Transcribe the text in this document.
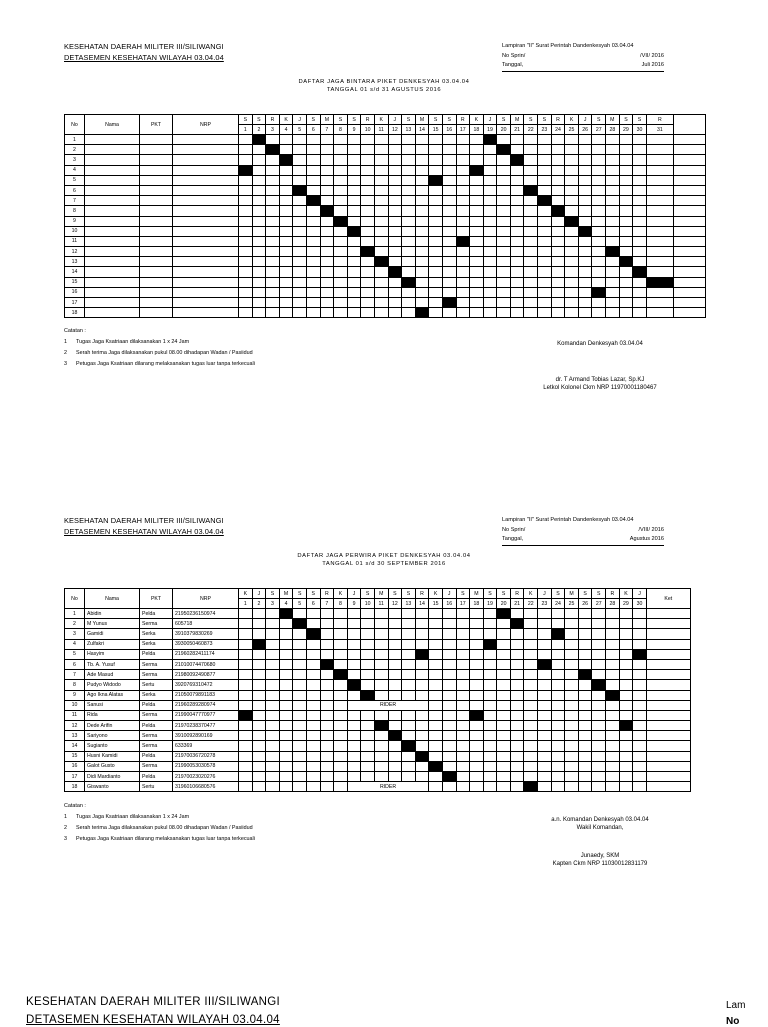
KESEHATAN DAERAH MILITER III/SILIWANGI
DETASEMEN KESEHATAN WILAYAH 03.04.04
Lampiran "II" Surat Perintah Dandenkesyah 03.04.04
No Sprin/	/VII/ 2016
Tanggal,	Juli 2016
DAFTAR JAGA BINTARA PIKET DENKESYAH 03.04.04
TANGGAL 01 s/d 31 AGUSTUS 2016
No	Nama	PKT	NRP	S	S	R	K	J	S	M	S	S	R	K	J	S	M	S	S	R	K	J	S	M	S	S	R	K	J	S	M	S	S	R	
				1	2	3	4	5	6	7	8	9	10	11	12	13	14	15	16	17	18	19	20	21	22	23	24	25	26	27	28	29	30	31	
1																																			
2																																			
3																																			
4																																			
5																																			
6																																			
7																																			
8																																			
9																																			
10																																			
11																																			
12																																			
13																																			
14																																			
15																																			
16																																			
17																																			
18																																			
Catatan :
1	Tugas Jaga Ksatriaan dilaksanakan 1 x 24 Jam
2	Serah terima Jaga dilaksanakan pukul 08.00 dihadapan Wadan / Pasiidud
3	Petugas Jaga Ksatriaan dilarang melaksanakan tugas luar tanpa terkecuali
Komandan Denkesyah 03.04.04
dr. T Armand Tobias Lazar, Sp.KJ
Letkol Kolonel Ckm NRP 11970001180467
KESEHATAN DAERAH MILITER III/SILIWANGI
DETASEMEN KESEHATAN WILAYAH 03.04.04
Lampiran "II" Surat Perintah Dandenkesyah 03.04.04
No Sprin/	/VIII/ 2016
Tanggal,	Agustus 2016
DAFTAR JAGA PERWIRA PIKET DENKESYAH 03.04.04
TANGGAL 01 s/d 30 SEPTEMBER 2016
No	Nama	PKT	NRP	K	J	S	M	S	S	R	K	J	S	M	S	S	R	K	J	S	M	S	S	R	K	J	S	M	S	S	R	K	J	Ket
				1	2	3	4	5	6	7	8	9	10	11	12	13	14	15	16	17	18	19	20	21	22	23	24	25	26	27	28	29	30	
1	Abidin	Pelda	21950236150974																															
2	M Yunus	Serma	605718																															
3	Gamidi	Serka	3910379830269																															
4	Zulfakri	Serka	3930050460873																															
5	Hasyim	Pelda	21960282411174																															
6	Tb. A. Yusuf	Serma	21010074470680																															
7	Ade Masud	Serma	21980092490877																															
8	Pudyo Widodo	Sertu	3920769310472																															
9	Ago Ikna Alatas	Serka	21050079891183																															
10	Sanusi	Pelda	21960289280974									RIDER																						
11	Rida	Serma	21990047770977																															
12	Dede Arifin	Pelda	21970238370477																															
13	Sariyono	Serma	3910092890169																															
14	Sugianto	Serma	633369																															
15	Husni Kamidi	Pelda	21970036720278																															
16	Galot Gusto	Serma	21990053030578																															
17	Didi Mardianto	Pelda	21970023020276																															
18	Giswanto	Sertu	31960106680576									RIDER																						
Catatan :
1	Tugas Jaga Ksatriaan dilaksanakan 1 x 24 Jam
2	Serah terima Jaga dilaksanakan pukul 08.00 dihadapan Wadan / Pasiidud
3	Petugas Jaga Ksatriaan dilarang melaksanakan tugas luar tanpa terkecuali
a.n. Komandan Denkesyah 03.04.04
Wakil Komandan,
Junaedy, SKM
Kapten Ckm NRP 11030012831179
KESEHATAN DAERAH MILITER III/SILIWANGI
DETASEMEN KESEHATAN WILAYAH 03.04.04
Lam
No
